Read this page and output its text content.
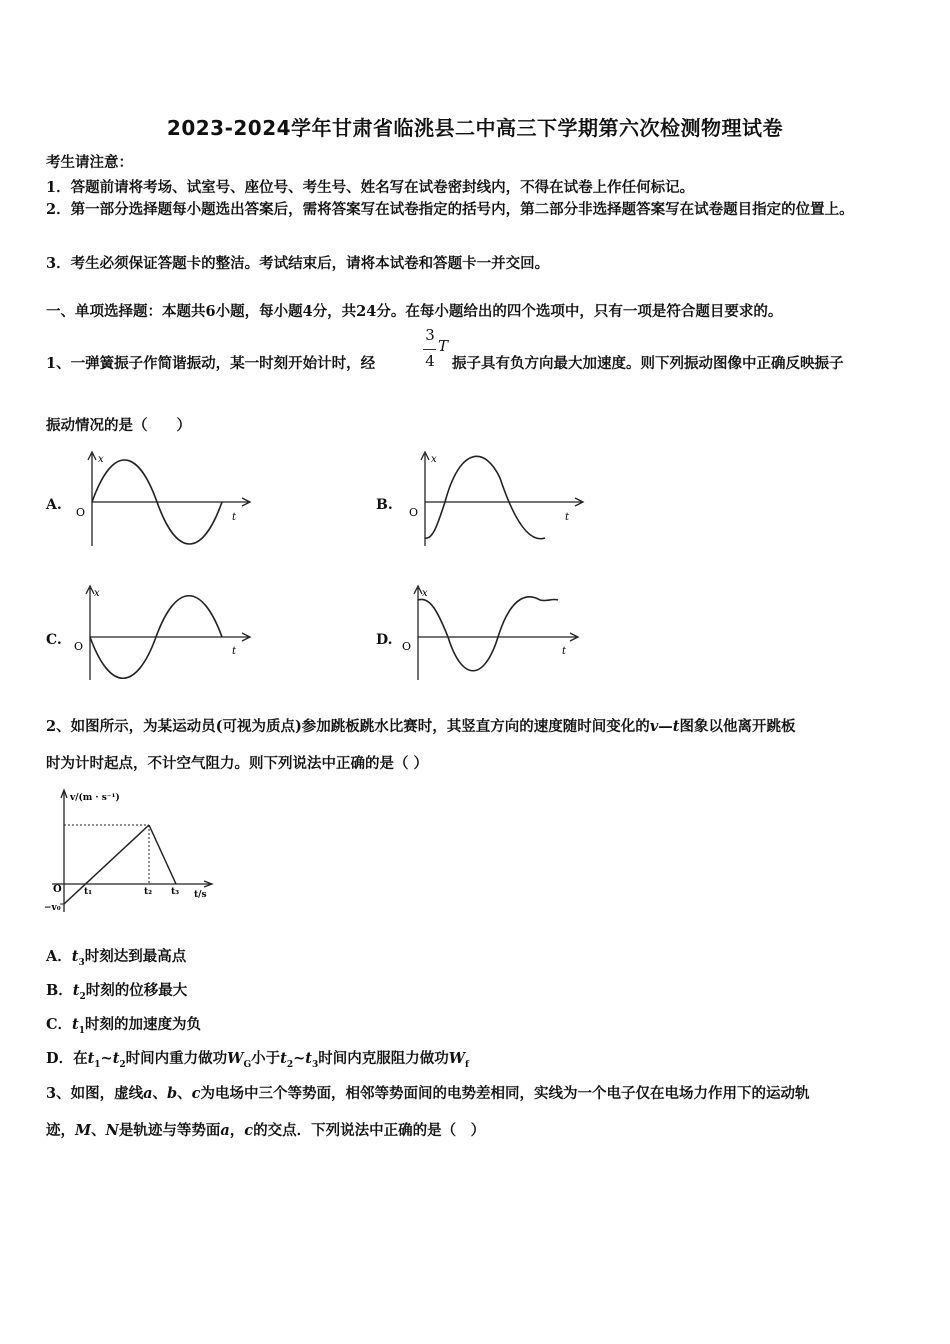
2023-2024学年甘肃省临洮县二中高三下学期第六次检测物理试卷
考生请注意：
1．答题前请将考场、试室号、座位号、考生号、姓名写在试卷密封线内，不得在试卷上作任何标记。
2．第一部分选择题每小题选出答案后，需将答案写在试卷指定的括号内，第二部分非选择题答案写在试卷题目指定的位置上。
3．考生必须保证答题卡的整洁。考试结束后，请将本试卷和答题卡一并交回。
一、单项选择题：本题共6小题，每小题4分，共24分。在每小题给出的四个选项中，只有一项是符合题目要求的。
1、一弹簧振子作简谐振动，某一时刻开始计时，经
3
4
T
振子具有负方向最大加速度。则下列振动图像中正确反映振子
振动情况的是（　　）
A.
x
t
O	B.
x
t
O
C.
x
t
O	D.
x
t
O
2、如图所示，为某运动员(可视为质点)参加跳板跳水比赛时，其竖直方向的速度随时间变化的v—t图象以他离开跳板
时为计时起点，不计空气阻力。则下列说法中正确的是（ ）
v/(m · s⁻¹)
t/s
O
−v₀
t₁	t₂ t₃
A．$t_3$时刻达到最高点
B．$t_2$时刻的位移最大
C．$t_1$时刻的加速度为负
D．在$t_1\sim t_2$时间内重力做功$W_G$小于$t_2\sim t_3$时间内克服阻力做功$W_f$
3、如图，虚线a、b、c为电场中三个等势面，相邻等势面间的电势差相同，实线为一个电子仅在电场力作用下的运动轨
迹，M、N是轨迹与等势面a，c的交点．下列说法中正确的是（　）
